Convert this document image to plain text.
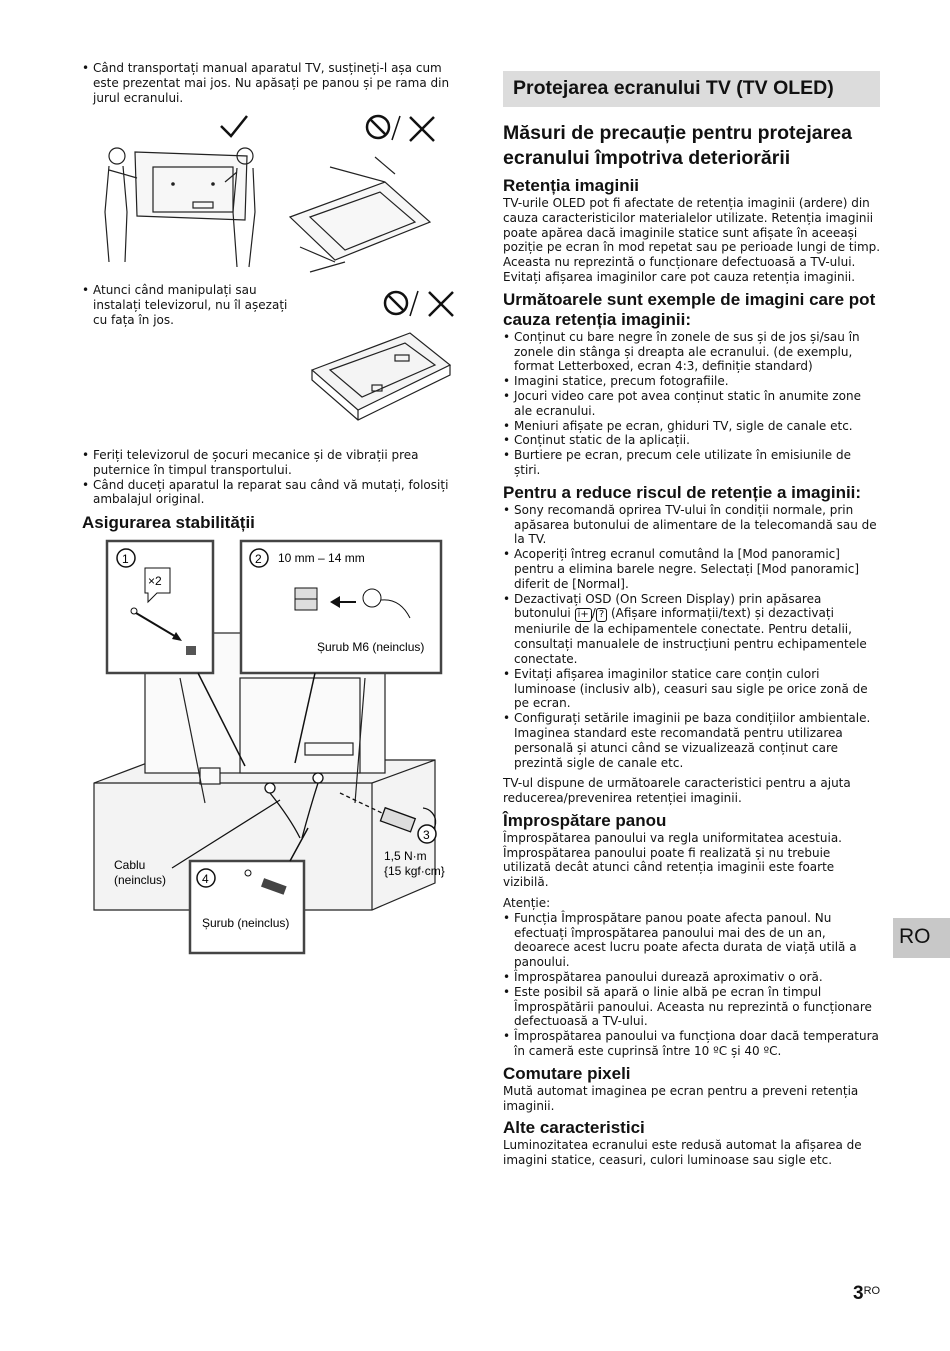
• Când transportați manual aparatul TV, susțineți-l așa cum este prezentat mai jos. Nu apăsați pe panou și pe rama din jurul ecranului.
• Atunci când manipulați sau instalați televizorul, nu îl așezați cu fața în jos.
• Feriți televizorul de șocuri mecanice și de vibrații prea puternice în timpul transportului.
• Când duceți aparatul la reparat sau când vă mutați, folosiți ambalajul original.
Asigurarea stabilității
1
×2
2 10 mm – 14 mm
Șurub M6 (neinclus)
3
1,5 N·m
{15 kgf·cm}
Cablu
(neinclus)	4
Șurub (neinclus)
Protejarea ecranului TV (TV OLED)
Măsuri de precauție pentru protejarea ecranului împotriva deteriorării
Retenția imaginii

TV-urile OLED pot fi afectate de retenția imaginii (ardere) din cauza caracteristicilor materialelor utilizate. Retenția imaginii poate apărea dacă imaginile statice sunt afișate în aceeași poziție pe ecran în mod repetat sau pe perioade lungi de timp. Aceasta nu reprezintă o funcționare defectuoasă a TV-ului. Evitați afișarea imaginilor care pot cauza retenția imaginii.

Următoarele sunt exemple de imagini care pot cauza retenția imaginii:
• Conținut cu bare negre în zonele de sus și de jos și/sau în zonele din stânga și dreapta ale ecranului. (de exemplu, format Letterboxed, ecran 4:3, definiție standard)
• Imagini statice, precum fotografiile.
• Jocuri video care pot avea conținut static în anumite zone ale ecranului.
• Meniuri afișate pe ecran, ghiduri TV, sigle de canale etc.
• Conținut static de la aplicații.
• Burtiere pe ecran, precum cele utilizate în emisiunile de știri.
Pentru a reduce riscul de retenție a imaginii:
• Sony recomandă oprirea TV-ului în condiții normale, prin apăsarea butonului de alimentare de la telecomandă sau de la TV.
• Acoperiți întreg ecranul comutând la [Mod panoramic] pentru a elimina barele negre. Selectați [Mod panoramic] diferit de [Normal].
• Dezactivați OSD (On Screen Display) prin apăsarea butonului i+ / ? (Afișare informații/text) și dezactivați meniurile de la echipamentele conectate. Pentru detalii, consultați manualele de instrucțiuni pentru echipamentele conectate.
• Evitați afișarea imaginilor statice care conțin culori luminoase (inclusiv alb), ceasuri sau sigle pe orice zonă de pe ecran.
• Configurați setările imaginii pe baza condițiilor ambientale. Imaginea standard este recomandată pentru utilizarea personală și atunci când se vizualizează conținut care prezintă sigle de canale etc.

TV-ul dispune de următoarele caracteristici pentru a ajuta reducerea/prevenirea retenției imaginii.

Împrospătare panou

Împrospătarea panoului va regla uniformitatea acestuia. Împrospătarea panoului poate fi realizată și nu trebuie utilizată decât atunci când retenția imaginii este foarte vizibilă.

Atenție:

• Funcția Împrospătare panou poate afecta panoul. Nu efectuați împrospătarea panoului mai des de un an, deoarece acest lucru poate afecta durata de viață utilă a panoului.
• Împrospătarea panoului durează aproximativ o oră.
• Este posibil să apară o linie albă pe ecran în timpul Împrospătării panoului. Aceasta nu reprezintă o funcționare defectuoasă a TV-ului.
• Împrospătarea panoului va funcționa doar dacă temperatura în cameră este cuprinsă între 10 ºC și 40 ºC.
Comutare pixeli

Mută automat imaginea pe ecran pentru a preveni retenția imaginii.

Alte caracteristici

Luminozitatea ecranului este redusă automat la afișarea de imagini statice, ceasuri, culori luminoase sau sigle etc.

RO
$3^{RO}$
